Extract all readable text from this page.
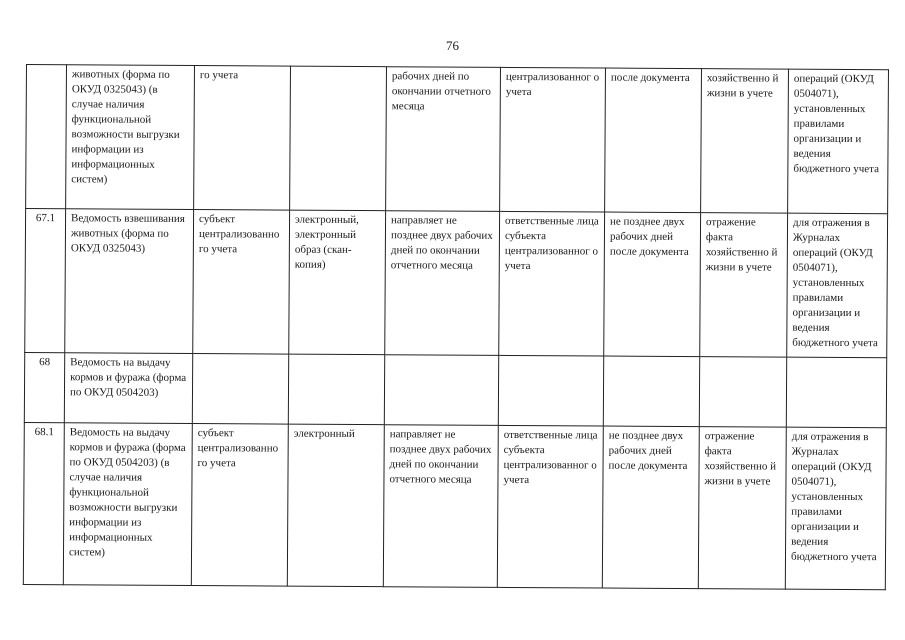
76
	животных (форма по ОКУД 0325043) (в случае наличия функциональной возможности выгрузки информации из информационных систем)	го учета		рабочих дней по окончании отчетного месяца	централизованног о учета	после документа	хозяйственно й жизни в учете	операций (ОКУД 0504071), установленных правилами организации и ведения бюджетного учета
67.1	Ведомость взвешивания животных (форма по ОКУД 0325043)	субъект централизованно го учета	электронный, электронный образ (скан-копия)	направляет не позднее двух рабочих дней по окончании отчетного месяца	ответственные лица субъекта централизованног о учета	не позднее двух рабочих дней после документа	отражение факта хозяйственно й жизни в учете	для отражения в Журналах операций (ОКУД 0504071), установленных правилами организации и ведения бюджетного учета
68	Ведомость на выдачу кормов и фуража (форма по ОКУД 0504203)							
68.1	Ведомость на выдачу кормов и фуража (форма по ОКУД 0504203) (в случае наличия функциональной возможности выгрузки информации из информационных систем)	субъект централизованно го учета	электронный	направляет не позднее двух рабочих дней по окончании отчетного месяца	ответственные лица субъекта централизованног о учета	не позднее двух рабочих дней после документа	отражение факта хозяйственно й жизни в учете	для отражения в Журналах операций (ОКУД 0504071), установленных правилами организации и ведения бюджетного учета
